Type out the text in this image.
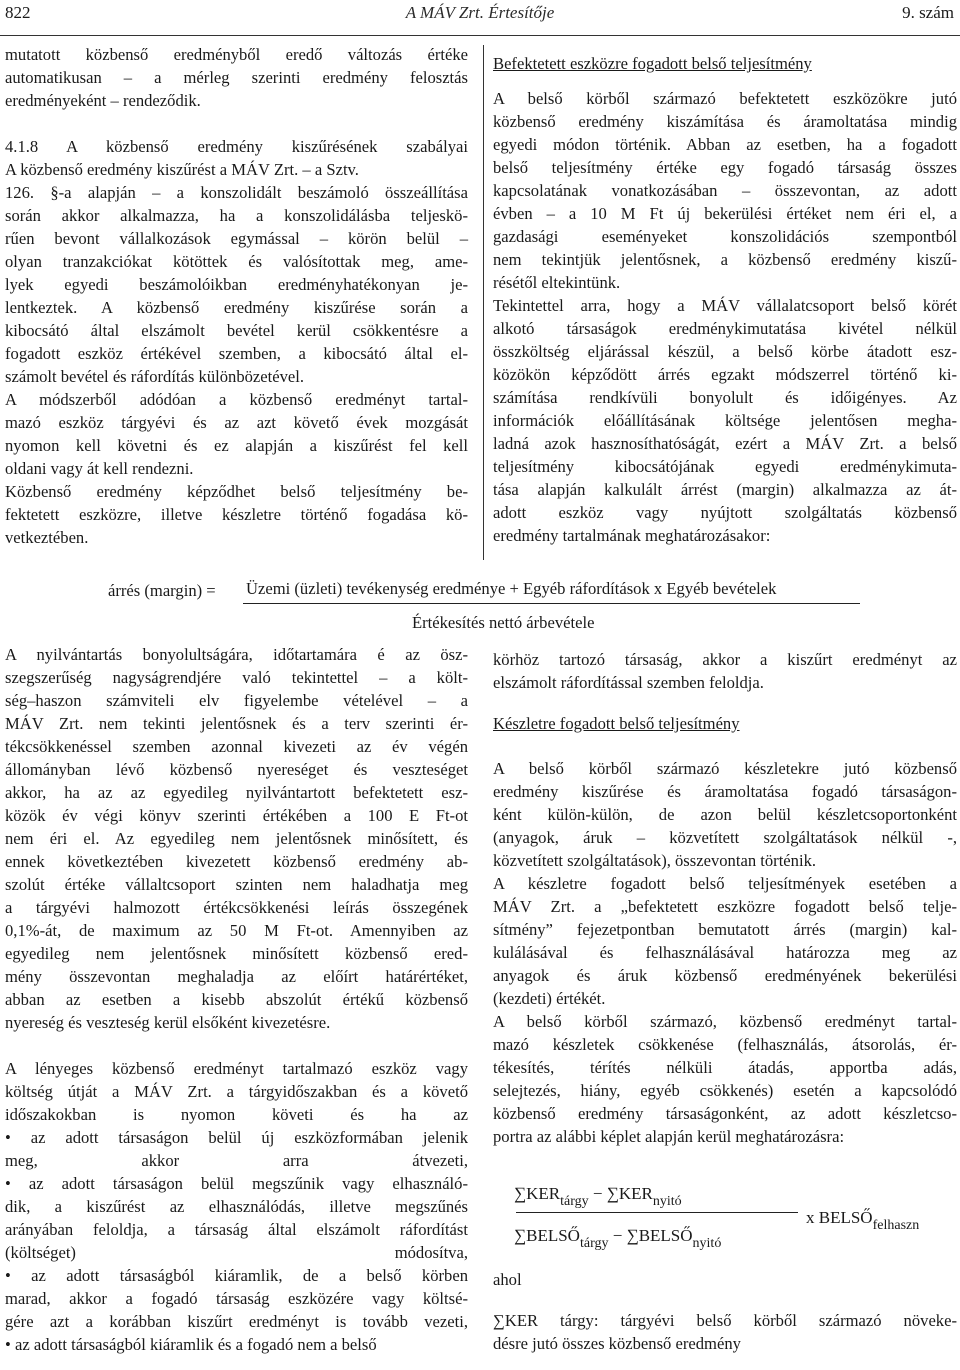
822	A MÁV Zrt. Értesítője	9. szám
mutatott közbenső eredményből eredő változás értéke
automatikusan – a mérleg szerinti eredmény felosztás
eredményeként – rendeződik.
4.1.8 A közbenső eredmény kiszűrésének szabályai
A közbenső eredmény kiszűrést a MÁV Zrt. – a Sztv.
126. §-a alapján – a konszolidált beszámoló összeállítása
során akkor alkalmazza, ha a konszolidálásba teljeskö-
rűen bevont vállalkozások egymással – körön belül –
olyan tranzakciókat kötöttek és valósítottak meg, ame-
lyek egyedi beszámolóikban eredményhatékonyan je-
lentkeztek. A közbenső eredmény kiszűrése során a
kibocsátó által elszámolt bevétel kerül csökkentésre a
fogadott eszköz értékével szemben, a kibocsátó által el-
számolt bevétel és ráfordítás különbözetével.
A módszerből adódóan a közbenső eredményt tartal-
mazó eszköz tárgyévi és az azt követő évek mozgását
nyomon kell követni és ez alapján a kiszűrést fel kell
oldani vagy át kell rendezni.
Közbenső eredmény képződhet belső teljesítmény be-
fektetett eszközre, illetve készletre történő fogadása kö-
vetkeztében.
Befektetett eszközre fogadott belső teljesítmény
A belső körből származó befektetett eszközökre jutó
közbenső eredmény kiszámítása és áramoltatása mindig
egyedi módon történik. Abban az esetben, ha a fogadott
belső teljesítmény értéke egy fogadó társaság összes
kapcsolatának vonatkozásában – összevontan, az adott
évben – a 10 M Ft új bekerülési értéket nem éri el, a
gazdasági eseményeket konszolidációs szempontból
nem tekintjük jelentősnek, a közbenső eredmény kiszű-
résétől eltekintünk.
Tekintettel arra, hogy a MÁV vállalatcsoport belső körét
alkotó társaságok eredménykimutatása kivétel nélkül
összköltség eljárással készül, a belső körbe átadott esz-
közökön képződött árrés egzakt módszerrel történő ki-
számítása rendkívüli bonyolult és időigényes. Az
információk előállításának költsége jelentősen megha-
ladná azok hasznosíthatóságát, ezért a MÁV Zrt. a belső
teljesítmény kibocsátójának egyedi eredménykimuta-
tása alapján kalkulált árrést (margin) alkalmazza az át-
adott eszköz vagy nyújtott szolgáltatás közbenső
eredmény tartalmának meghatározásakor:
árrés (margin) = Üzemi (üzleti) tevékenység eredménye + Egyéb ráfordítások x Egyéb bevételek
Értékesítés nettó árbevétele
A nyilvántartás bonyolultságára, időtartamára é az ösz-
szegszerűség nagyságrendjére való tekintettel – a költ-
ség–haszon számviteli elv figyelembe vételével – a
MÁV Zrt. nem tekinti jelentősnek és a terv szerinti ér-
tékcsökkenéssel szemben azonnal kivezeti az év végén
állományban lévő közbenső nyereséget és veszteséget
akkor, ha az az egyedileg nyilvántartott befektetett esz-
közök év végi könyv szerinti értékében a 100 E Ft-ot
nem éri el. Az egyedileg nem jelentősnek minősített, és
ennek következtében kivezetett közbenső eredmény ab-
szolút értéke vállaltcsoport szinten nem haladhatja meg
a tárgyévi halmozott értékcsökkenési leírás összegének
0,1%-át, de maximum az 50 M Ft-ot. Amennyiben az
egyedileg nem jelentősnek minősített közbenső ered-
mény összevontan meghaladja az előírt határértéket,
abban az esetben a kisebb abszolút értékű közbenső
nyereség és veszteség kerül elsőként kivezetésre.
A lényeges közbenső eredményt tartalmazó eszköz vagy
költség útját a MÁV Zrt. a tárgyidőszakban és a követő
időszakokban is nyomon követi és ha az
• az adott társaságon belül új eszközformában jelenik
meg, akkor arra átvezeti,
• az adott társaságon belül megszűnik vagy elhasználó-
dik, a kiszűrést az elhasználódás, illetve megszűnés
arányában feloldja, a társaság által elszámolt ráfordítást
(költséget) módosítva,
• az adott társaságból kiáramlik, de a belső körben
marad, akkor a fogadó társaság eszközére vagy költsé-
gére azt a korábban kiszűrt eredményt is tovább vezeti,
• az adott társaságból kiáramlik és a fogadó nem a belső
körhöz tartozó társaság, akkor a kiszűrt eredményt az
elszámolt ráfordítással szemben feloldja.
Készletre fogadott belső teljesítmény
A belső körből származó készletekre jutó közbenső
eredmény kiszűrése és áramoltatása fogadó társaságon-
ként külön-külön, de azon belül készletcsoportonként
(anyagok, áruk – közvetített szolgáltatások nélkül -,
közvetített szolgáltatások), összevontan történik.
A készletre fogadott belső teljesítmények esetében a
MÁV Zrt. a „befektetett eszközre fogadott belső telje-
sítmény” fejezetpontban bemutatott árrés (margin) kal-
kulálásával és felhasználásával határozza meg az
anyagok és áruk közbenső eredményének bekerülési
(kezdeti) értékét.
A belső körből származó, közbenső eredményt tartal-
mazó készletek csökkenése (felhasználás, átsorolás, ér-
tékesítés, térítés nélküli átadás, apportba adás,
selejtezés, hiány, egyéb csökkenés) esetén a kapcsolódó
közbenső eredmény társaságonként, az adott készletcso-
portra az alábbi képlet alapján kerül meghatározásra:
ahol
∑KER tárgy: tárgyévi belső körből származó növeke-
désre jutó összes közbenső eredmény
$\sum KER_{tárgy} - \sum KER_{nyitó}$
$\sum BELSŐ_{tárgy}$ − $\sum BELSŐ_{nyitó}$
x $BELSŐ_{felhaszn}$
